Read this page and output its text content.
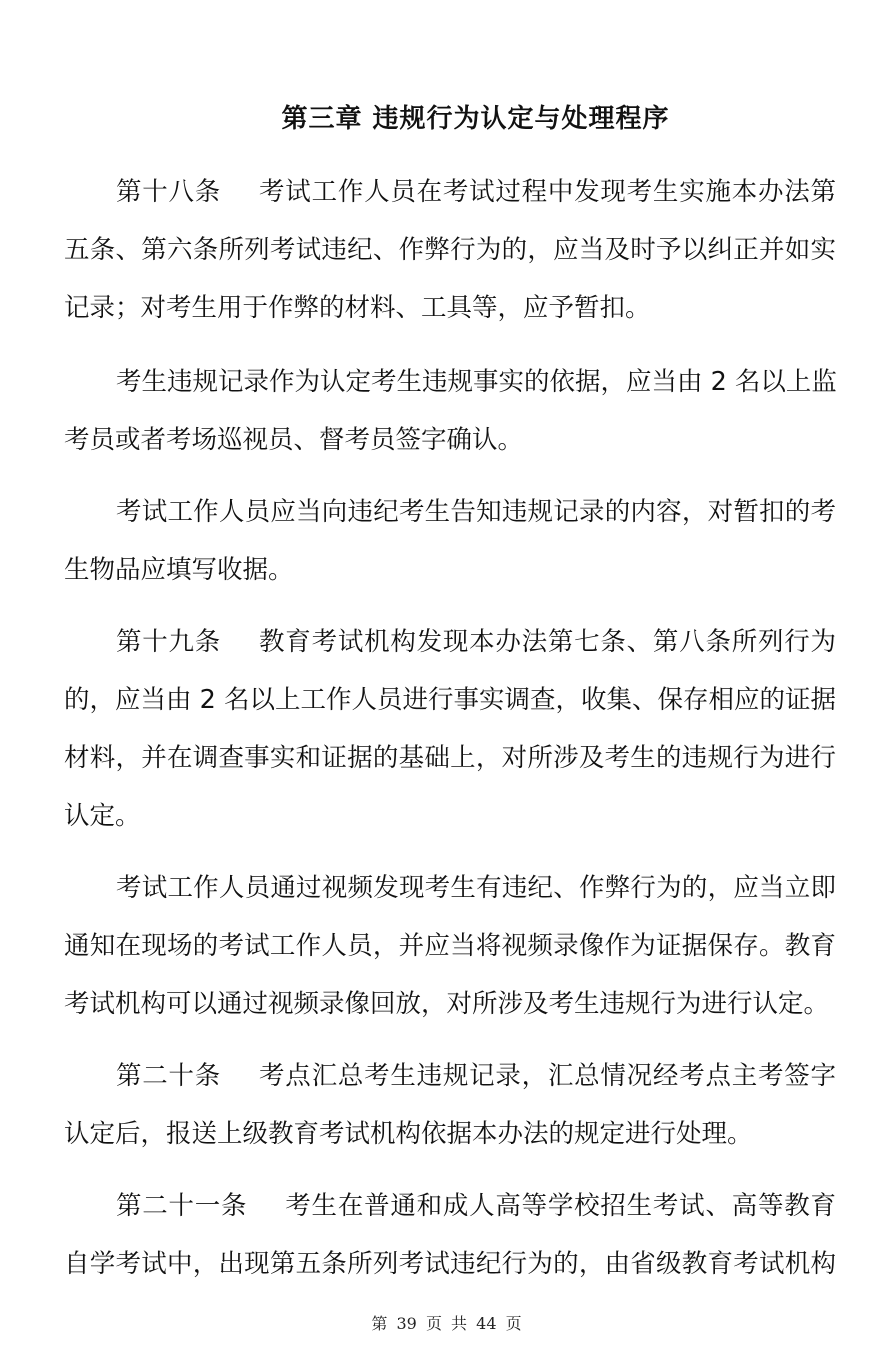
第三章 违规行为认定与处理程序
第十八条 考试工作人员在考试过程中发现考生实施本办法第
五条、第六条所列考试违纪、作弊行为的，应当及时予以纠正并如实
记录；对考生用于作弊的材料、工具等，应予暂扣。
考生违规记录作为认定考生违规事实的依据，应当由 2 名以上监
考员或者考场巡视员、督考员签字确认。
考试工作人员应当向违纪考生告知违规记录的内容，对暂扣的考
生物品应填写收据。
第十九条 教育考试机构发现本办法第七条、第八条所列行为
的，应当由 2 名以上工作人员进行事实调查，收集、保存相应的证据
材料，并在调查事实和证据的基础上，对所涉及考生的违规行为进行
认定。
考试工作人员通过视频发现考生有违纪、作弊行为的，应当立即
通知在现场的考试工作人员，并应当将视频录像作为证据保存。教育
考试机构可以通过视频录像回放，对所涉及考生违规行为进行认定。
第二十条 考点汇总考生违规记录，汇总情况经考点主考签字
认定后，报送上级教育考试机构依据本办法的规定进行处理。
第二十一条 考生在普通和成人高等学校招生考试、高等教育
自学考试中，出现第五条所列考试违纪行为的，由省级教育考试机构
第 39 页 共 44 页
